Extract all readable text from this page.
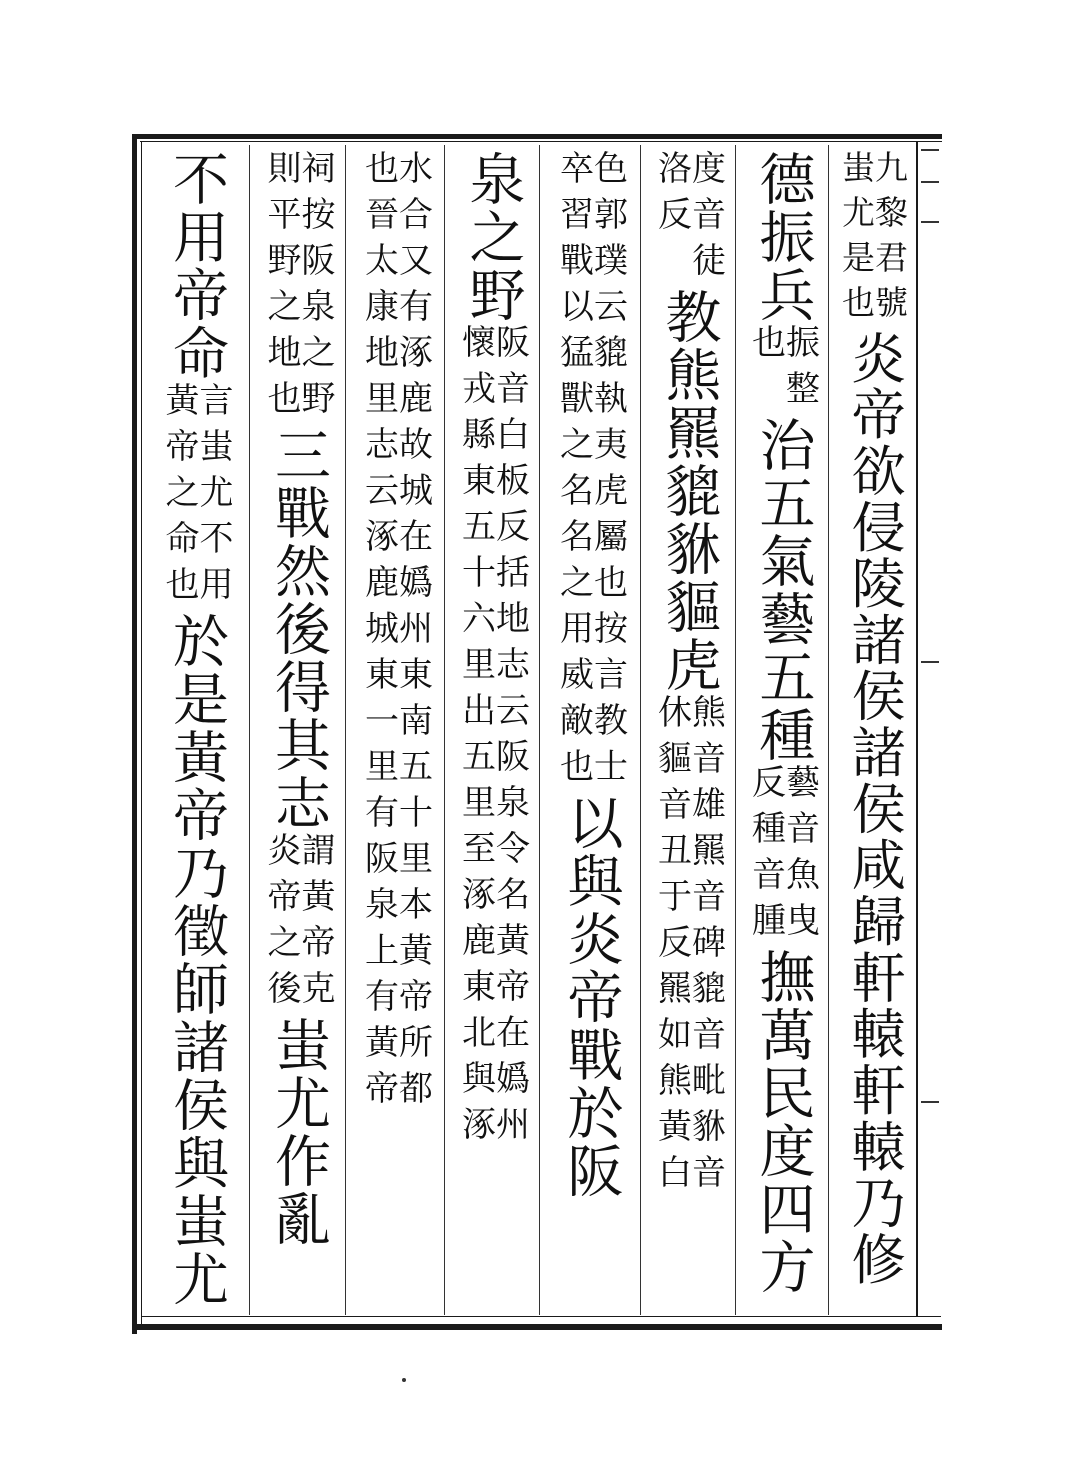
九黎君號
蚩尤是也
炎帝欲侵陵諸侯諸侯咸歸軒轅軒轅乃修
德振兵
振整
也
治五氣藝五種
藝音魚曳
反種音腫
撫萬民度四方
度音徒
洛反
教熊羆貔貅貙虎
熊音雄羆音碑貔音毗貅音
休貙音丑于反羆如熊黃白
色郭璞云貔執夷虎屬也按言教士
卒習戰以猛獸之名名之用威敵也
以與炎帝戰於阪
泉之野
阪音白板反括地志云阪泉令名黃帝在嬀州
懷戎縣東五十六里出五里至涿鹿東北與涿
水合又有涿鹿故城在嬀州東南五十里本黃帝所都
也晉太康地里志云涿鹿城東一里有阪泉上有黃帝
祠按阪泉之野
則平野之地也
三戰然後得其志
謂黃帝克
炎帝之後
蚩尤作亂
不用帝命
言蚩尤不用
黃帝之命也
於是黃帝乃徵師諸侯與蚩尤
